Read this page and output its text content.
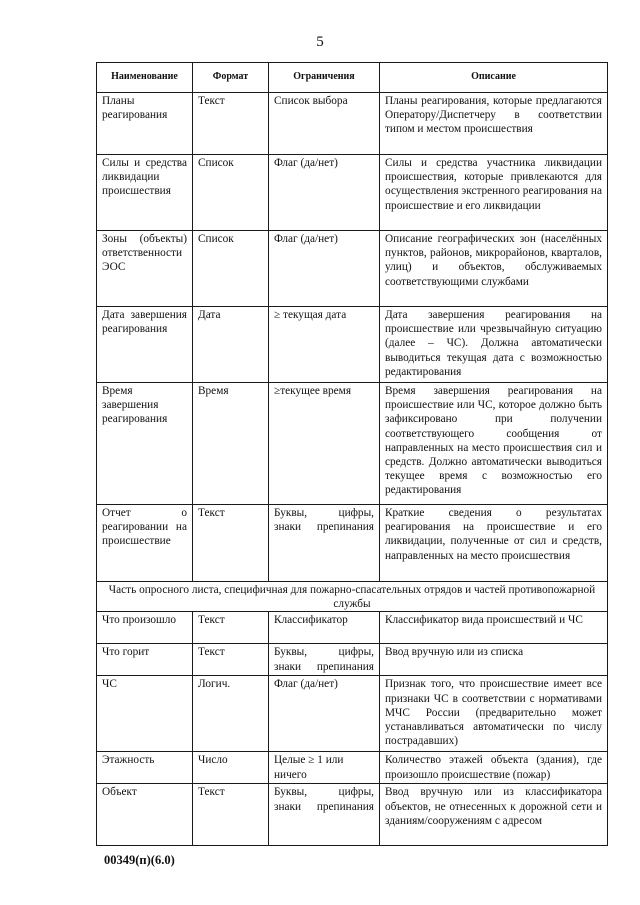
5
Наименование	Формат	Ограничения	Описание
Планы реагирования	Текст	Список выбора	Планы реагирования, которые предлагаются Оператору/Диспетчеру в соответствии типом и местом происшествия
Силы и средства ликвидации происшествия	Список	Флаг (да/нет)	Силы и средства участника ликвидации происшествия, которые привлекаются для осуществления экстренного реагирования на происшествие и его ликвидации
Зоны (объекты) ответственности ЭОС	Список	Флаг (да/нет)	Описание географических зон (населённых пунктов, районов, микрорайонов, кварталов, улиц) и объектов, обслуживаемых соответствующими службами
Дата завершения реагирования	Дата	≥ текущая дата	Дата завершения реагирования на происшествие или чрезвычайную ситуацию (далее – ЧС). Должна автоматически выводиться текущая дата с возможностью редактирования
Время завершения реагирования	Время	≥текущее время	Время завершения реагирования на происшествие или ЧС, которое должно быть зафиксировано при получении соответствующего сообщения от направленных на место происшествия сил и средств. Должно автоматически выводиться текущее время с возможностью его редактирования
Отчет о реагировании на происшествие	Текст	Буквы, цифры, знаки препинания	Краткие сведения о результатах реагирования на происшествие и его ликвидации, полученные от сил и средств, направленных на место происшествия
Часть опросного листа, специфичная для пожарно-спасательных отрядов и частей противопожарной службы			
Что произошло	Текст	Классификатор	Классификатор вида происшествий и ЧС
Что горит	Текст	Буквы, цифры, знаки препинания	Ввод вручную или из списка
ЧС	Логич.	Флаг (да/нет)	Признак того, что происшествие имеет все признаки ЧС в соответствии с нормативами МЧС России (предварительно может устанавливаться автоматически по числу пострадавших)
Этажность	Число	Целые ≥ 1 или ничего	Количество этажей объекта (здания), где произошло происшествие (пожар)
Объект	Текст	Буквы, цифры, знаки препинания	Ввод вручную или из классификатора объектов, не отнесенных к дорожной сети и зданиям/сооружениям с адресом
00349(п)(6.0)
